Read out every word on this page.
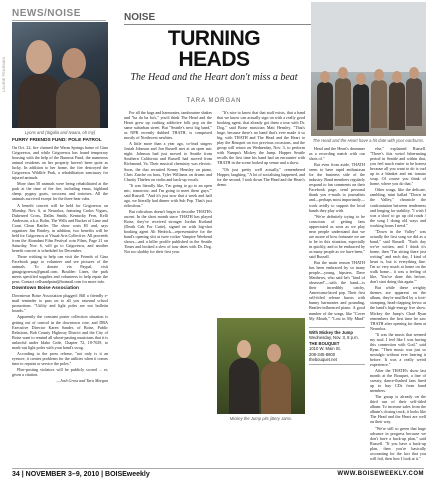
NEWS/NOISE
LAURIE PEARMAN
Lyons and (Sigalio and Ivaara, oh my)
FURRY FRIENDS FUND: POLE PATROL

On Oct. 22, fire claimed the Warm Springs home of Gina Grigorescu, and while Grigorescu has found temporary housing with the help of the Burnout Fund, the numerous animal residents on her property haven't been quite as lucky. In addition to her home, the fire destroyed the Grigorescu Wildlife Park, a rehabilitation sanctuary for injured animals.

More than 50 animals were being rehabilitated at the park at the time of the fire, including emus, highland sheep, pygmy goats, raccoons and tortoises. All the animals survived except for the three bear cubs.

A benefit concert will be held for Grigorescu on Monday, Nov. 6, at Neurolux, featuring Carlos Vigues, Dukeared Cross, Dallas Smith, Kentucky Fern, Kelli Anderson, a.k.a. Bolin, The Wills and Bucket of Lime and Coast Clean Rattler. The show costs $5 and, says organizer Jim Brinley, in addition, two benefits will be held for Grigorescu at Visual Arts Collective. All proceeds from the Abundant Film Festival coin Films, Page 21 on Saturday, Nov. 6, will go to Grigorescu, and another benefit concert is scheduled for December.

Those wishing to help can visit the Friends of Gina Facebook page to volunteer and see pictures of the animals. To donate via Paypal, visit ginagrigorescu@gmail.com. Boulder: Lines, the park meets specified supplies and volunteers to help repair the pens. Contact cellsandpaint@hotmail.com for more info.

Downtown Boise Association

Downtown Boise Association plugged: Bill a friendly e-mail reminder to pass on to all you easeand school promotions. "Utility and light poles are not bulletin boards."

Apparently the constant poster collection situation is getting out of control in the downtown core, and DBA Executive Director Karen Sander, of Boise, Public Relations, Bob County Highway District and the City of Boise want to remind all wheat-pasting musicians that it is unlawful under Idaho Code, Chapter 72, 18-7029, to mark-out light poles with your band's swag.

According to the press release, "not only is it an eyesore, it creates problems for the utilities when it comes time to repaint or service the poles."

Flier-posting violators will be publicly scored ... er, given a citation.

—Josh Gross and Tara Morgan

NOISE
TURNING
HEADS
The Head and the Heart don't miss a beat
TARA MORGAN
The Head and the Heart have a hit date with your eardrums.

For all the bags and harmonies, tambourine shakes and "ba da ba ba's," you'd think The Head and the Heart grew up crafting addictive folk pop on the same suburban street. But "Seattle's next big band," as NPR recently dubbed THATH, is comprised mostly of Northwest newbies.

A little more than a year ago, co-lead singers Josiah Johnson and Jon Russell met at an open mic night. Johnson had just moved to Seattle from Southern California and Russell had moved from Richmond, Va. Their musical chemistry was electric. Soon, the duo recruited Kenny Hensley on piano, Chris Zasche on bass, Tyler Williams on drums and Charity Thielen on violin and back-up vocals.

"It was literally like, 'I'm going to go to an open mic, tomorrow, and I'm going to meet these guys,'" said Russell. "And it's just now that a week and half ago, we literally had dinner with Sub Pop. That's just ridiculous."

But ridiculous doesn't begin to describe THATH's ascent. In the short month since THATH has played Boise, they've received stronger Jordan Kurland (Death Cab For Cutie), signed on with big-shot booking agent Ali Hedrick—representative for the band's opening slot at twee rocker Vampire Weekend shows—and a killer profile published in the Seattle Times and booked a slew of tour dates with Dr. Dog. Not too shabby for their first year.

"It's nice to know that that stuff exists, that a band that we know can actually sign on with a really good booking agent, that already got them a tour with Dr. Dog," said Boise musician Matt Hensley. "That's huge, because there's no band that's ever made it so big, with THATH and The Head and the Heart to play the Bouquet on two previous occasions, and the group will return on Wednesday, Nov. 3, to perform with Nampa's Mickey the Jump. Hopper Seattle recalls the first time his band had an encounter with THATH in the scene looked up venue and a show.

"Oh just pretty well actually," remembered Hopper, laughing. "A lot of socialising happened, and for the second, I took down The Head and the Heart's demo.

Mickey the Jump pits jittery Jams.

Head and the Heart's drummer as a recording match with our shots of."

But even from aside, THATH seem to have rapid enthusiasm for the business side of the industry. Band members regularly respond to fan comments on their Facebook page, send personal thank you e-mails to journalists and—perhaps most importantly—work avidly to support the local bands they play with.

"We're definitely trying to be conscious of getting fans appreciated as soon as we play near people understand that we are aware of how fortunate we are to be in this situation, especially in quickly, and to be embraced by as many people as we have been," said Russell.

But the main reason THATH has been embraced by so many people—young, hipsters, Dave Matthews, who said he's "kind of obsessed"—with the band—is their incredibly catchy, Americana-laced pop. Their first self-titled release bursts with bunny harmonies and pounding, Beatles-influenced piano. A good number of the songs, like "Cover My Mouth," "Lost in My Mind"

With Mickey the Jump
Wednesday, Nov. 3, 8 p.m.
THE BOUQUET
1010 W. Main St.
208-345-8600
thebouquet.net

else," explained Russell. "There's this weird hibernating period in Seattle and within that, you feel much easier to be honest because all you want to do is curl up in a blanket and eat tomato soup. Of course you think of home, where you do that."

Other songs, like the delicate, rambling, mini ballad "Down in the Valley," chronicle the confrontation between tenderness and longing for stability. "I wish I was a sloof to go up old roads / the song I doing old ways and working hours I need."

"Down in the Valley" was actually the first song we did as a band," said Russell. "Each day we've written, and I think it's home, then "I'm sitting there just writing" and each day, I kind of heart is, but is everything fine. I'm so very much at home on the walk home... it was a feeling of like, 'You've done this before, don't start doing this again.'"

But while these weighty themes are apparent on the album, they're muffled by a foot-stomping, head-clapping fervor at the band's high-energy live show. Mickey the Jump's Chad Ryan remembers the first time he saw THATH after opening for them at Neurolux.

"It was the music that seemed my soul. I feel like I was having this connection with God," said Ryan. "Their music was just so nostalgic without ever hearing it before. It was a really weird experience."

After the THATH's show last month at the Bouquet, a line of sweaty, dance-flushed fans lined up to buy CDs from band members.

The group is already on the third run of their self-titled album. To increase sales from the album's closing track, it looks like The Head and the Heart are well on their way.

"We're still so green that huge advance in progress because we don't have a back-up plan," said Russell. "If you have a back-up plan, then you're basically accounting for the fact that you will fail, then how I look at it."

34 | NOVEMBER 3–9, 2010 | BOISEweekly	WWW.BOISEWEEKLY.COM
